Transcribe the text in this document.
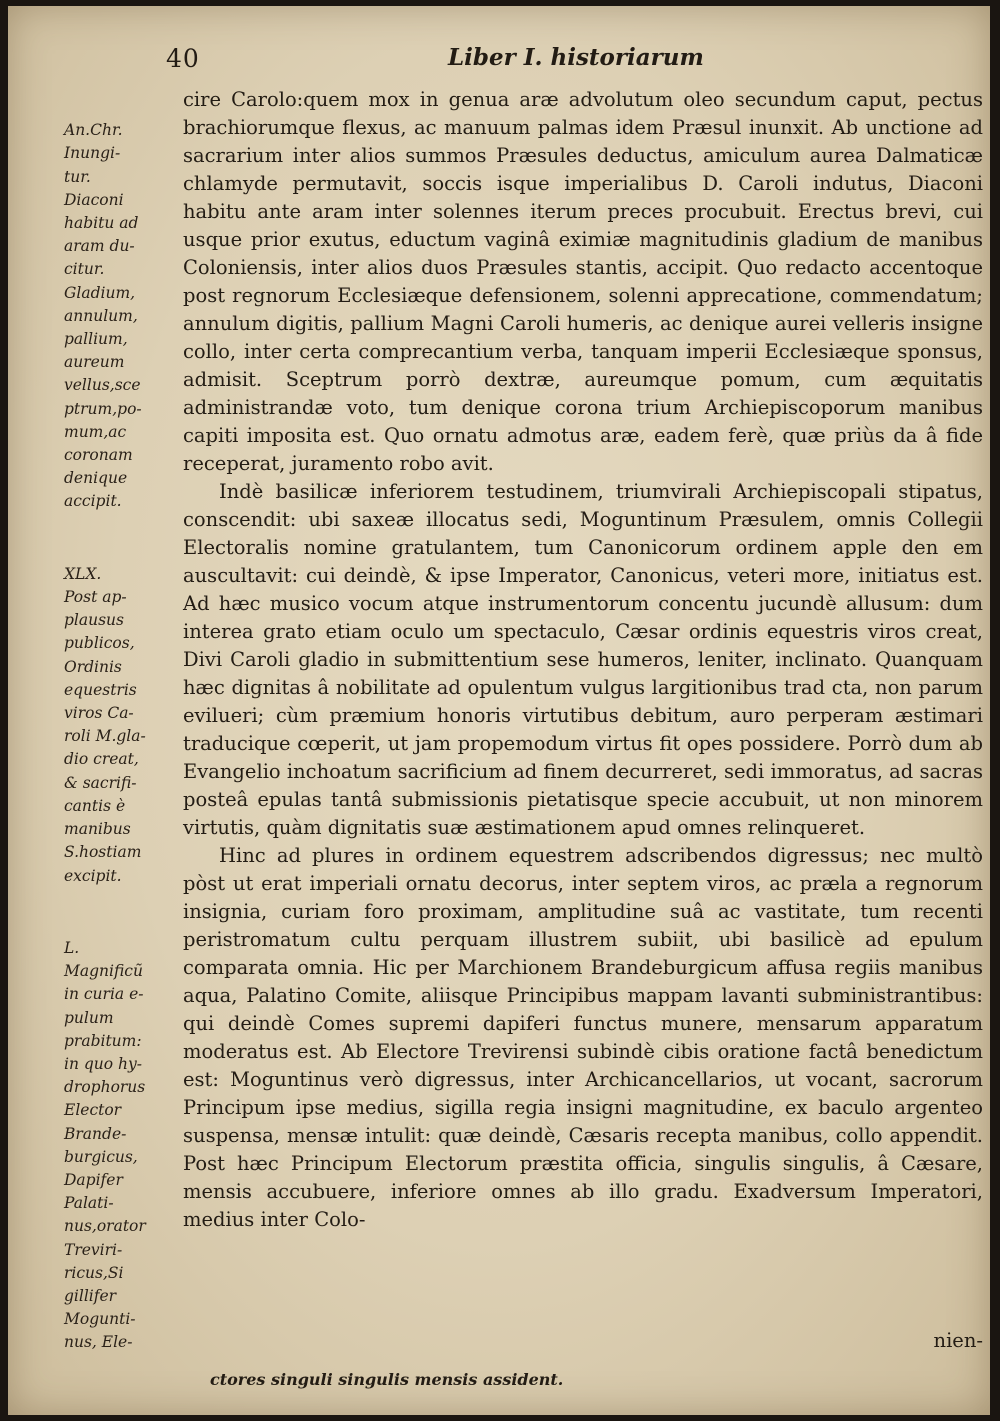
40	Liber I. historiarum

An.Chr.
Inungi-
tur.
Diaconi
habitu ad
aram du-
citur.
Gladium,
annulum,
pallium,
aureum
vellus,sce
ptrum,po-
mum,ac
coronam
denique
accipit.

XLX.
Post ap-
plausus
publicos,
Ordinis
equestris
viros Ca-
roli M.gla-
dio creat,
& sacrifi-
cantis è
manibus
S.hostiam
excipit.

L.
Magnificũ
in curia e-
pulum
prabitum:
in quo hy-
drophorus
Elector
Brande-
burgicus,
Dapifer
Palati-
nus,orator
Treviri-
ricus,Si
gillifer
Mogunti-
nus, Ele-

cire Carolo:quem mox in genua aræ advolutum oleo secundum caput, pectus brachiorumque flexus, ac manuum palmas idem Præsul inunxit. Ab unctione ad sacrarium inter alios summos Præsules deductus, amiculum aurea Dalmaticæ chlamyde permutavit, soccis isque imperialibus D. Caroli indutus, Diaconi habitu ante aram inter solennes iterum preces procubuit. Erectus brevi, cui usque prior exutus, eductum vaginâ eximiæ magnitudinis gladium de manibus Coloniensis, inter alios duos Præsules stantis, accipit. Quo redacto accentoque post regnorum Ecclesiæque defensionem, solenni apprecatione, commendatum; annulum digitis, pallium Magni Caroli humeris, ac denique aurei velleris insigne collo, inter certa comprecantium verba, tanquam imperii Ecclesiæque sponsus, admisit. Sceptrum porrò dextræ, aureumque pomum, cum æquitatis administrandæ voto, tum denique corona trium Archiepiscoporum manibus capiti imposita est. Quo ornatu admotus aræ, eadem ferè, quæ priùs da â fide receperat, juramento robo avit.

Indè basilicæ inferiorem testudinem, triumvirali Archiepiscopali stipatus, conscendit: ubi saxeæ illocatus sedi, Moguntinum Præsulem, omnis Collegii Electoralis nomine gratulantem, tum Canonicorum ordinem apple den em auscultavit: cui deindè, & ipse Imperator, Canonicus, veteri more, initiatus est. Ad hæc musico vocum atque instrumentorum concentu jucundè allusum: dum interea grato etiam oculo um spectaculo, Cæsar ordinis equestris viros creat, Divi Caroli gladio in submittentium sese humeros, leniter, inclinato. Quanquam hæc dignitas â nobilitate ad opulentum vulgus largitionibus trad cta, non parum evilueri; cùm præmium honoris virtutibus debitum, auro perperam æstimari traducique cœperit, ut jam propemodum virtus fit opes possidere. Porrò dum ab Evangelio inchoatum sacrificium ad finem decurreret, sedi immoratus, ad sacras posteâ epulas tantâ submissionis pietatisque specie accubuit, ut non minorem virtutis, quàm dignitatis suæ æstimationem apud omnes relinqueret.

Hinc ad plures in ordinem equestrem adscribendos digressus; nec multò pòst ut erat imperiali ornatu decorus, inter septem viros, ac præla a regnorum insignia, curiam foro proximam, amplitudine suâ ac vastitate, tum recenti peristromatum cultu perquam illustrem subiit, ubi basilicè ad epulum comparata omnia. Hic per Marchionem Brandeburgicum affusa regiis manibus aqua, Palatino Comite, aliisque Principibus mappam lavanti subministrantibus: qui deindè Comes supremi dapiferi functus munere, mensarum apparatum moderatus est. Ab Electore Trevirensi subindè cibis oratione factâ benedictum est: Moguntinus verò digressus, inter Archicancellarios, ut vocant, sacrorum Principum ipse medius, sigilla regia insigni magnitudine, ex baculo argenteo suspensa, mensæ intulit: quæ deindè, Cæsaris recepta manibus, collo appendit. Post hæc Principum Electorum præstita officia, singulis singulis, â Cæsare, mensis accubuere, inferiore omnes ab illo gradu. Exadversum Imperatori, medius inter Colo-

nien-
ctores singuli singulis mensis assident.
